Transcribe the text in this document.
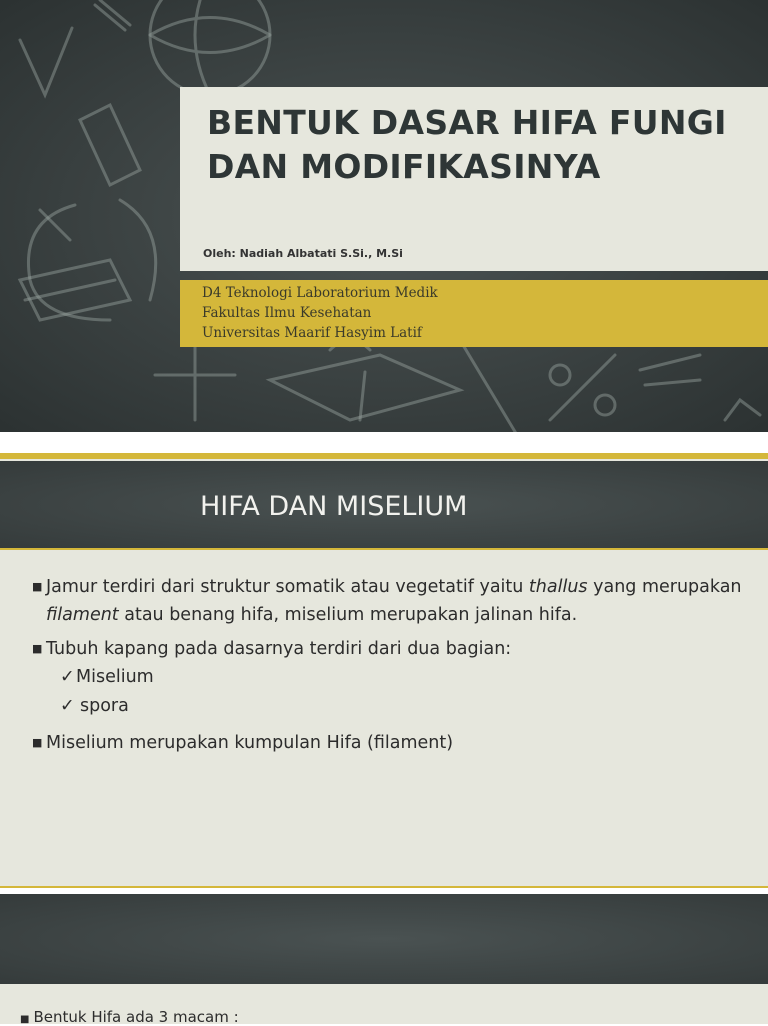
BENTUK DASAR HIFA FUNGI
DAN MODIFIKASINYA
Oleh: Nadiah Albatati S.Si., M.Si
D4 Teknologi Laboratorium Medik
Fakultas Ilmu Kesehatan
Universitas Maarif Hasyim Latif
HIFA DAN MISELIUM
■ Jamur terdiri dari struktur somatik atau vegetatif yaitu thallus yang merupakan filament atau benang hifa, miselium merupakan jalinan hifa.
■ Tubuh kapang pada dasarnya terdiri dari dua bagian:
✓Miselium
✓ spora
■ Miselium merupakan kumpulan Hifa (filament)
■ Bentuk Hifa ada 3 macam :
